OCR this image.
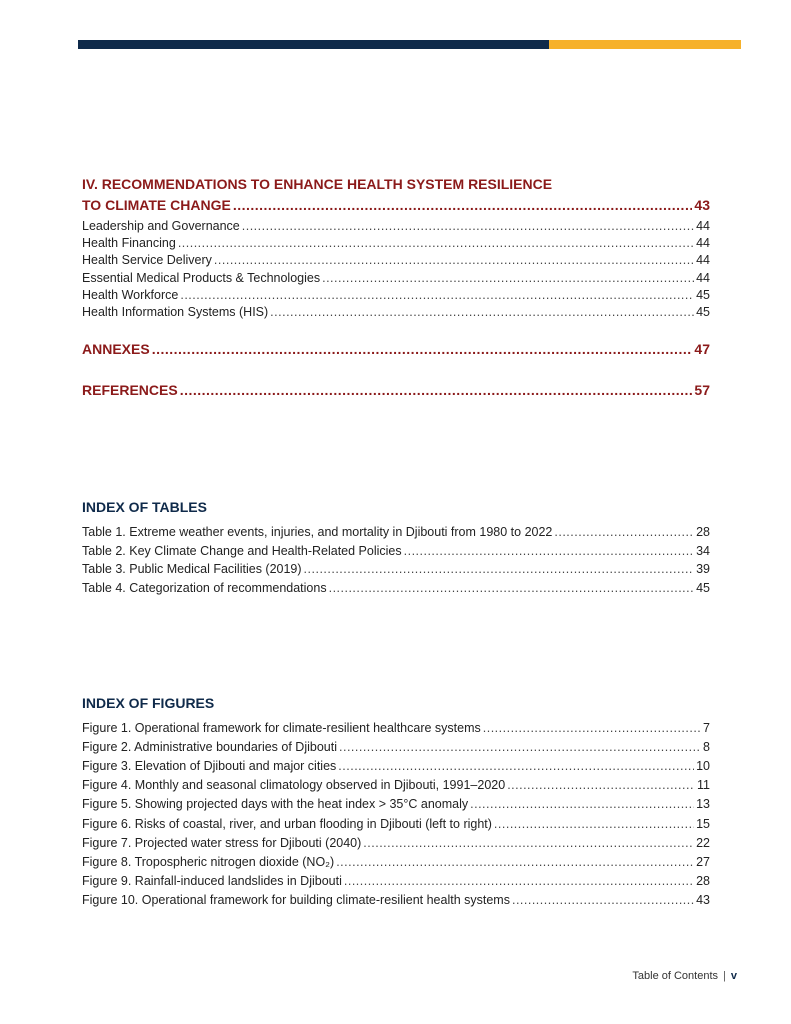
IV. RECOMMENDATIONS TO ENHANCE HEALTH SYSTEM RESILIENCE
TO CLIMATE CHANGE .....	43
Leadership and Governance .....	44
Health Financing .....	44
Health Service Delivery .....	44
Essential Medical Products & Technologies .....	44
Health Workforce .....	45
Health Information Systems (HIS) .....	45
ANNEXES .....	47
REFERENCES .....	57
INDEX OF TABLES
Table 1. Extreme weather events, injuries, and mortality in Djibouti from 1980 to 2022 .....	28
Table 2. Key Climate Change and Health-Related Policies .....	34
Table 3. Public Medical Facilities (2019) .....	39
Table 4. Categorization of recommendations .....	45
INDEX OF FIGURES
Figure 1. Operational framework for climate-resilient healthcare systems .....	7
Figure 2. Administrative boundaries of Djibouti .....	8
Figure 3. Elevation of Djibouti and major cities .....	10
Figure 4. Monthly and seasonal climatology observed in Djibouti, 1991–2020 .....	11
Figure 5. Showing projected days with the heat index > 35°C anomaly .....	13
Figure 6. Risks of coastal, river, and urban flooding in Djibouti (left to right) .....	15
Figure 7. Projected water stress for Djibouti (2040) .....	22
Figure 8. Tropospheric nitrogen dioxide (NO₂) .....	27
Figure 9. Rainfall-induced landslides in Djibouti .....	28
Figure 10. Operational framework for building climate-resilient health systems .....	43
Table of Contents | v
